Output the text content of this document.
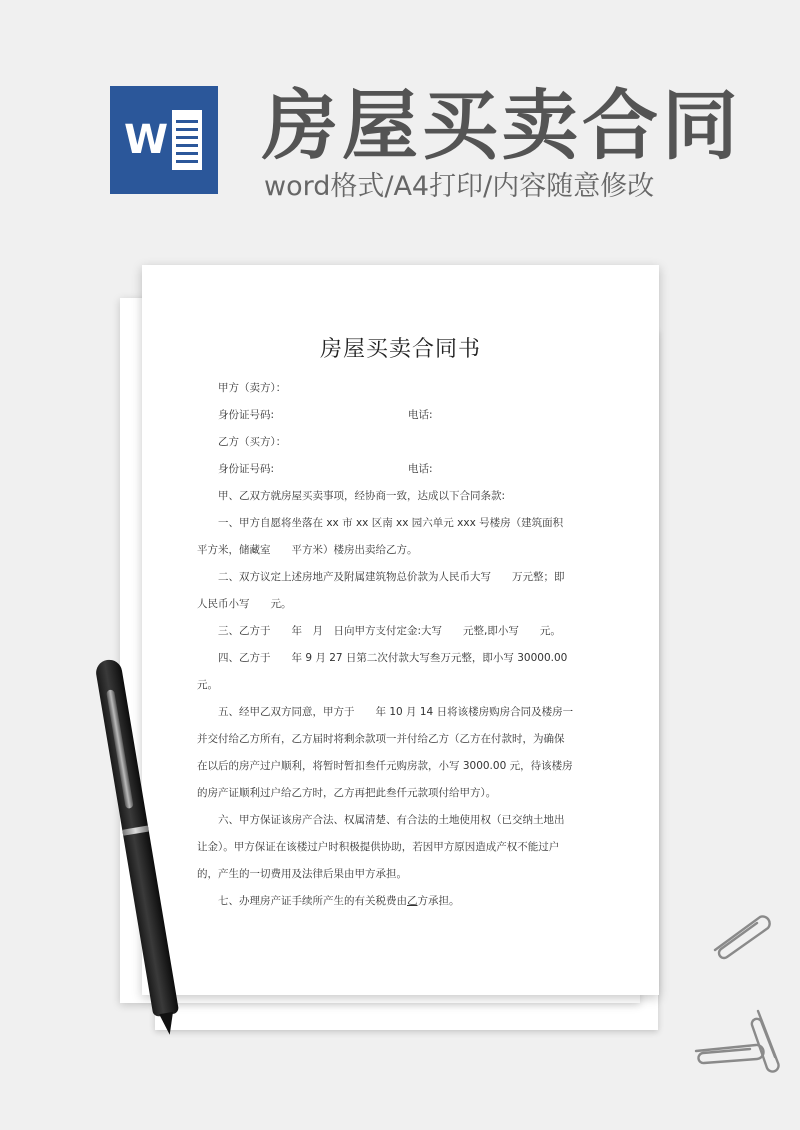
W 房屋买卖合同
word格式/A4打印/内容随意修改
房屋买卖合同书
甲方（卖方）：
身份证号码:	电话:
乙方（买方）：
身份证号码:	电话:
甲、乙双方就房屋买卖事项，经协商一致，达成以下合同条款:
一、甲方自愿将坐落在 xx 市 xx 区南 xx 园六单元 xxx 号楼房（建筑面积
平方米，储藏室　　平方米）楼房出卖给乙方。
二、双方议定上述房地产及附属建筑物总价款为人民币大写　　万元整；即
人民币小写　　元。
三、乙方于　　年　月　日向甲方支付定金:大写　　元整,即小写　　元。
四、乙方于　　年 9 月 27 日第二次付款大写叁万元整，即小写 30000.00
元。
五、经甲乙双方同意，甲方于　　年 10 月 14 日将该楼房购房合同及楼房一
并交付给乙方所有，乙方届时将剩余款项一并付给乙方（乙方在付款时，为确保
在以后的房产过户顺利，将暂时暂扣叁仟元购房款，小写 3000.00 元，待该楼房
的房产证顺利过户给乙方时，乙方再把此叁仟元款项付给甲方）。
六、甲方保证该房产合法、权属清楚、有合法的土地使用权（已交纳土地出
让金）。甲方保证在该楼过户时积极提供协助，若因甲方原因造成产权不能过户
的，产生的一切费用及法律后果由甲方承担。
七、办理房产证手续所产生的有关税费由乙方承担。
